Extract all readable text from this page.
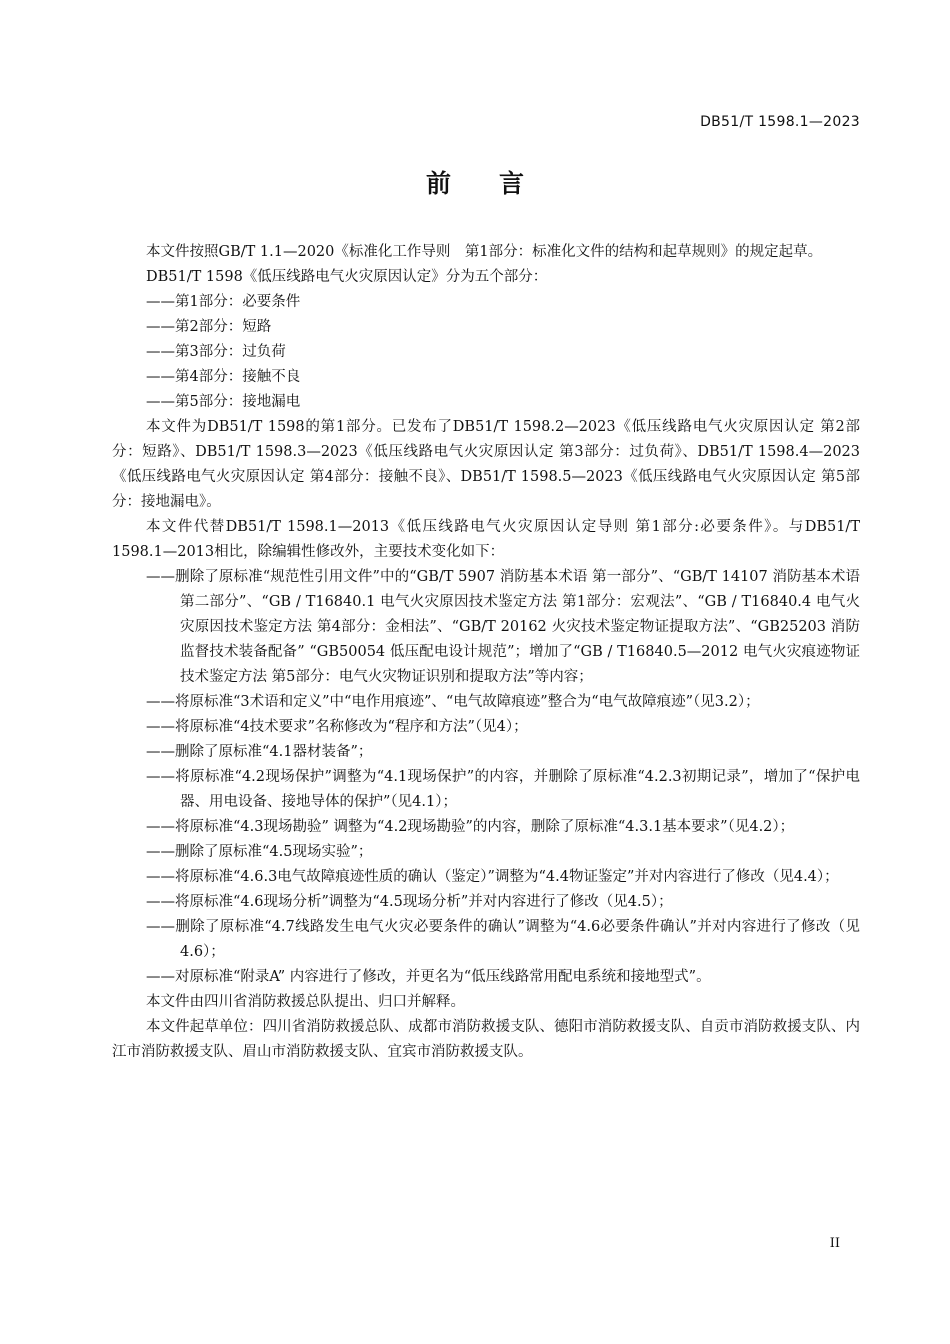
DB51/T 1598.1—2023
前言

本文件按照GB/T 1.1—2020《标准化工作导则　第1部分：标准化文件的结构和起草规则》的规定起草。

DB51/T 1598《低压线路电气火灾原因认定》分为五个部分：

——第1部分：必要条件

——第2部分：短路

——第3部分：过负荷

——第4部分：接触不良

——第5部分：接地漏电

本文件为DB51/T 1598的第1部分。已发布了DB51/T 1598.2—2023《低压线路电气火灾原因认定 第2部分：短路》、DB51/T 1598.3—2023《低压线路电气火灾原因认定 第3部分：过负荷》、DB51/T 1598.4—2023《低压线路电气火灾原因认定 第4部分：接触不良》、DB51/T 1598.5—2023《低压线路电气火灾原因认定 第5部分：接地漏电》。

本文件代替DB51/T 1598.1—2013《低压线路电气火灾原因认定导则 第1部分:必要条件》。与DB51/T 1598.1—2013相比，除编辑性修改外，主要技术变化如下：

——删除了原标准“规范性引用文件”中的“GB/T 5907 消防基本术语 第一部分”、“GB/T 14107 消防基本术语 第二部分”、“GB / T16840.1 电气火灾原因技术鉴定方法 第1部分：宏观法”、“GB / T16840.4 电气火灾原因技术鉴定方法 第4部分：金相法”、“GB/T 20162 火灾技术鉴定物证提取方法”、“GB25203 消防监督技术装备配备” “GB50054 低压配电设计规范”；增加了“GB / T16840.5—2012 电气火灾痕迹物证技术鉴定方法 第5部分：电气火灾物证识别和提取方法”等内容；

——将原标准“3术语和定义”中“电作用痕迹”、“电气故障痕迹”整合为“电气故障痕迹”（见3.2）；

——将原标准“4技术要求”名称修改为“程序和方法”（见4）；

——删除了原标准“4.1器材装备”；

——将原标准“4.2现场保护”调整为“4.1现场保护”的内容，并删除了原标准“4.2.3初期记录”，增加了“保护电器、用电设备、接地导体的保护”（见4.1）；

——将原标准“4.3现场勘验” 调整为“4.2现场勘验”的内容，删除了原标准“4.3.1基本要求”（见4.2）；

——删除了原标准“4.5现场实验”；

——将原标准“4.6.3电气故障痕迹性质的确认（鉴定）”调整为“4.4物证鉴定”并对内容进行了修改（见4.4）；

——将原标准“4.6现场分析”调整为“4.5现场分析”并对内容进行了修改（见4.5）；

——删除了原标准“4.7线路发生电气火灾必要条件的确认”调整为“4.6必要条件确认”并对内容进行了修改（见4.6）；

——对原标准“附录A” 内容进行了修改，并更名为“低压线路常用配电系统和接地型式”。

本文件由四川省消防救援总队提出、归口并解释。

本文件起草单位：四川省消防救援总队、成都市消防救援支队、德阳市消防救援支队、自贡市消防救援支队、内江市消防救援支队、眉山市消防救援支队、宜宾市消防救援支队。

II
